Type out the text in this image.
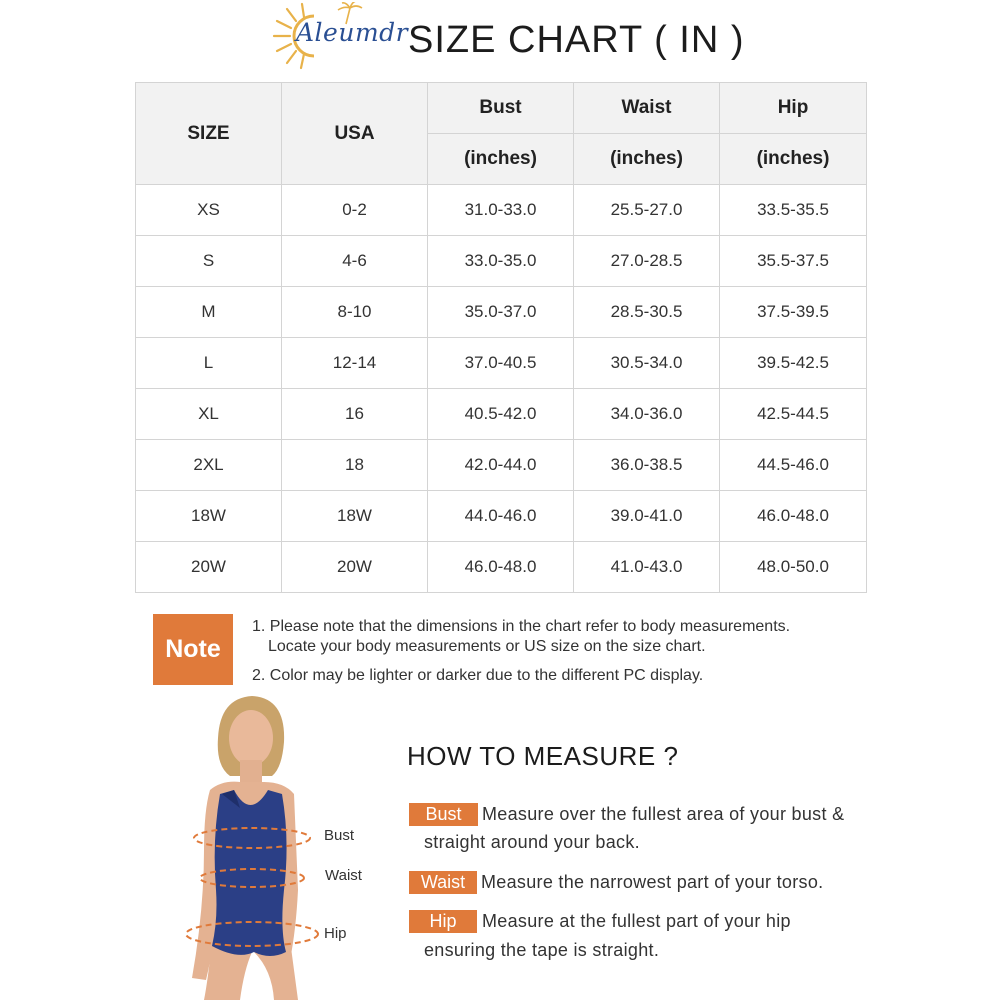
Aleumdr SIZE CHART ( IN )
SIZE	USA	Bust	Waist	Hip
		(inches)	(inches)	(inches)
XS	0-2	31.0-33.0	25.5-27.0	33.5-35.5
S	4-6	33.0-35.0	27.0-28.5	35.5-37.5
M	8-10	35.0-37.0	28.5-30.5	37.5-39.5
L	12-14	37.0-40.5	30.5-34.0	39.5-42.5
XL	16	40.5-42.0	34.0-36.0	42.5-44.5
2XL	18	42.0-44.0	36.0-38.5	44.5-46.0
18W	18W	44.0-46.0	39.0-41.0	46.0-48.0
20W	20W	46.0-48.0	41.0-43.0	48.0-50.0
Note
1. Please note that the dimensions in the chart refer to body measurements.
Locate your body measurements or US size on the size chart.
2. Color may be lighter or darker due to the different PC display.
Bust
Waist
Hip
HOW TO MEASURE ?
Bust	Measure over the fullest area of your bust &
straight around your back.
Waist Measure the narrowest part of your torso.
Hip	Measure at the fullest part of your hip
ensuring the tape is straight.
